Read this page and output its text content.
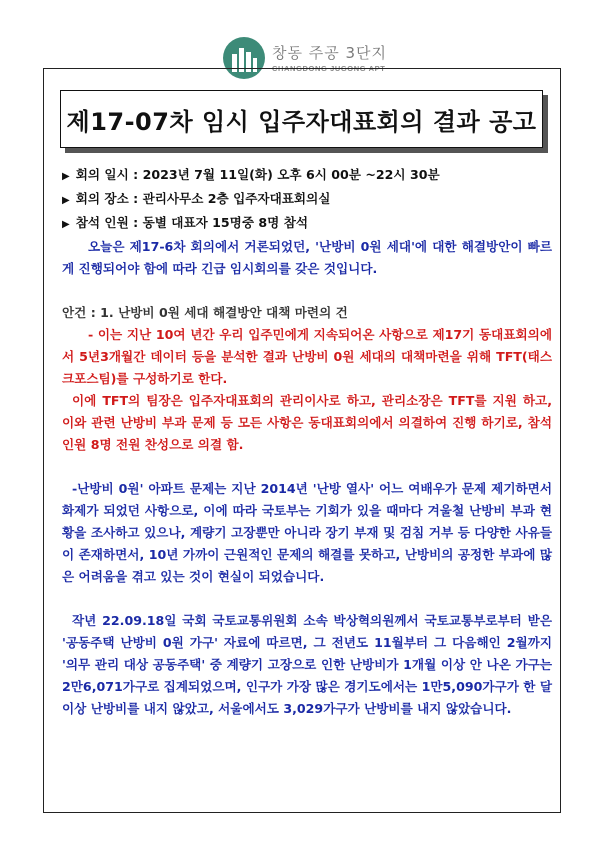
창동 주공 3단지
CHANGDONG JUGONG APT
제17-07차 임시 입주자대표회의 결과 공고
▶ 회의 일시 : 2023년 7월 11일(화) 오후 6시 00분 ~22시 30분
▶ 회의 장소 : 관리사무소 2층 입주자대표회의실
▶ 참석 인원 : 동별 대표자 15명중 8명 참석

오늘은 제17-6차 회의에서 거론되었던, '난방비 0원 세대'에 대한 해결방안이 빠르게 진행되어야 함에 따라 긴급 임시회의를 갖은 것입니다.

안건 : 1. 난방비 0원 세대 해결방안 대책 마련의 건

- 이는 지난 10여 년간 우리 입주민에게 지속되어온 사항으로 제17기 동대표회의에서 5년3개월간 데이터 등을 분석한 결과 난방비 0원 세대의 대책마련을 위해 TFT(태스크포스팀)를 구성하기로 한다.

이에 TFT의 팀장은 입주자대표회의 관리이사로 하고, 관리소장은 TFT를 지원 하고, 이와 관련 난방비 부과 문제 등 모든 사항은 동대표회의에서 의결하여 진행 하기로, 참석인원 8명 전원 찬성으로 의결 함.

-난방비 0원' 아파트 문제는 지난 2014년 '난방 열사' 어느 여배우가 문제 제기하면서 화제가 되었던 사항으로, 이에 따라 국토부는 기회가 있을 때마다 겨울철 난방비 부과 현황을 조사하고 있으나, 계량기 고장뿐만 아니라 장기 부재 및 검침 거부 등 다양한 사유들이 존재하면서, 10년 가까이 근원적인 문제의 해결를 못하고, 난방비의 공정한 부과에 많은 어려움을 겪고 있는 것이 현실이 되었습니다.

작년 22.09.18일 국회 국토교통위원회 소속 박상혁의원께서 국토교통부로부터 받은 '공동주택 난방비 0원 가구' 자료에 따르면, 그 전년도 11월부터 그 다음해인 2월까지 '의무 관리 대상 공동주택' 중 계량기 고장으로 인한 난방비가 1개월 이상 안 나온 가구는 2만6,071가구로 집계되었으며, 인구가 가장 많은 경기도에서는 1만5,090가구가 한 달 이상 난방비를 내지 않았고, 서울에서도 3,029가구가 난방비를 내지 않았습니다.
